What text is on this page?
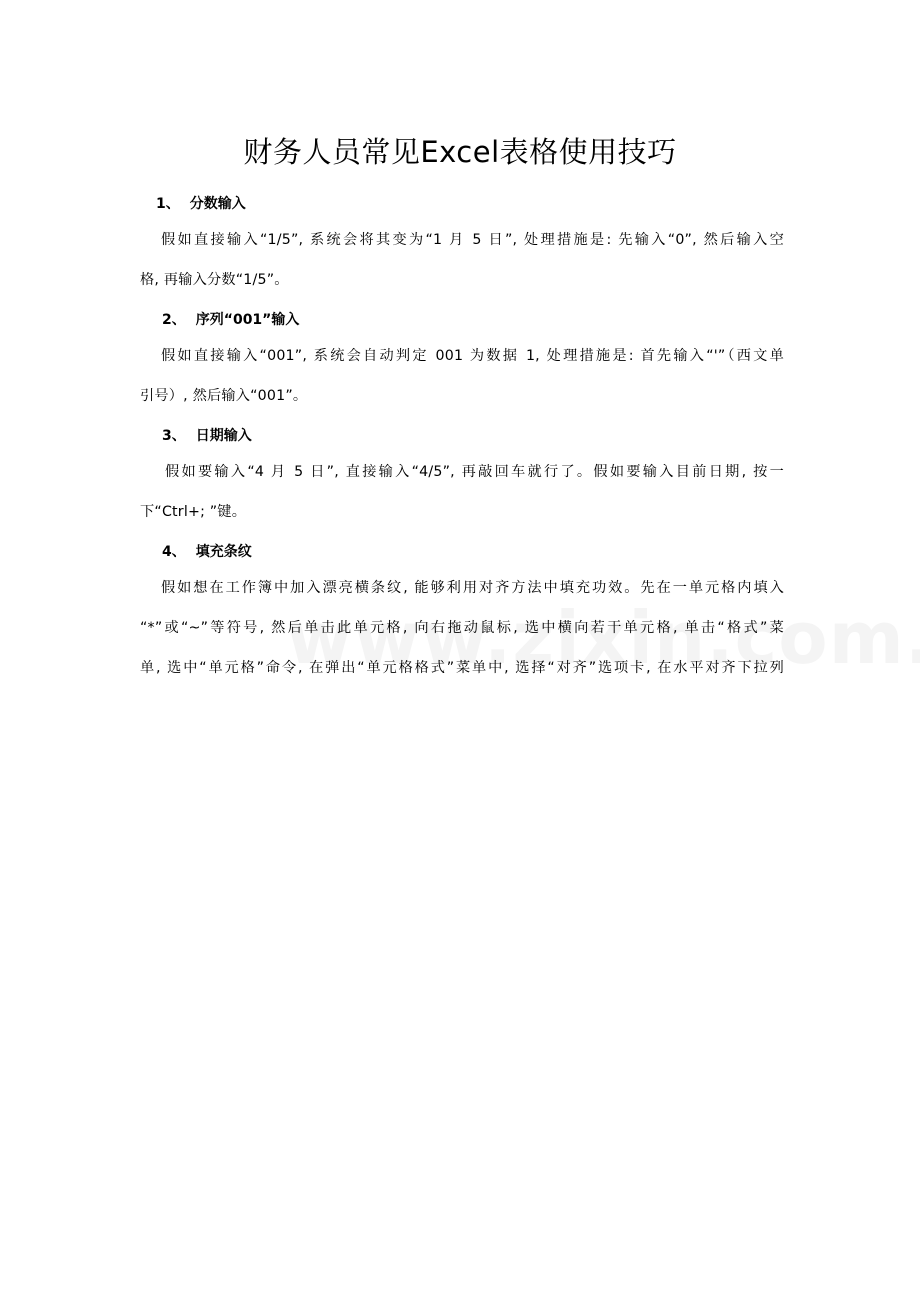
财务人员常见Excel表格使用技巧
1、 分数输入
假如直接输入“1/5”, 系统会将其变为“1 月 5 日”, 处理措施是: 先输入“0”, 然后输入空
格, 再输入分数“1/5”。
2、 序列“001”输入
假如直接输入“001”, 系统会自动判定 001 为数据 1, 处理措施是: 首先输入“'”（西文单
引号）, 然后输入“001”。
3、 日期输入
假如要输入“4 月 5 日”, 直接输入“4/5”, 再敲回车就行了。假如要输入目前日期, 按一
下“Ctrl+; ”键。
4、 填充条纹
假如想在工作簿中加入漂亮横条纹, 能够利用对齐方法中填充功效。先在一单元格内填入
“*”或“~”等符号, 然后单击此单元格, 向右拖动鼠标, 选中横向若干单元格, 单击“格式”菜
单, 选中“单元格”命令, 在弹出“单元格格式”菜单中, 选择“对齐”选项卡, 在水平对齐下拉列
